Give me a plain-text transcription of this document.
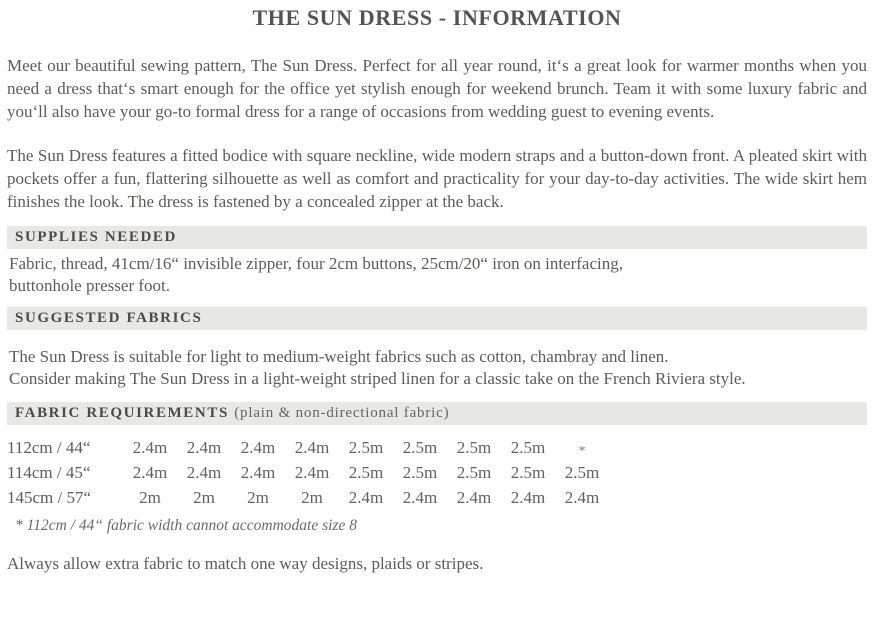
THE SUN DRESS - INFORMATION

Meet our beautiful sewing pattern, The Sun Dress. Perfect for all year round, it‘s a great look for warmer months when you need a dress that‘s smart enough for the office yet stylish enough for weekend brunch. Team it with some luxury fabric and you‘ll also have your go-to formal dress for a range of occasions from wedding guest to evening events.

The Sun Dress features a fitted bodice with square neckline, wide modern straps and a button-down front. A pleated skirt with pockets offer a fun, flattering silhouette as well as comfort and practicality for your day-to-day activities. The wide skirt hem finishes the look. The dress is fastened by a concealed zipper at the back.

SUPPLIES NEEDED
Fabric, thread, 41cm/16“ invisible zipper, four 2cm buttons, 25cm/20“ iron on interfacing,
buttonhole presser foot.
SUGGESTED FABRICS
The Sun Dress is suitable for light to medium-weight fabrics such as cotton, chambray and linen.
Consider making The Sun Dress in a light-weight striped linen for a classic take on the French Riviera style.
FABRIC REQUIREMENTS (plain & non-directional fabric)
112cm / 44“	2.4m	2.4m	2.4m	2.4m	2.5m	2.5m	2.5m	2.5m	*
114cm / 45“	2.4m	2.4m	2.4m	2.4m	2.5m	2.5m	2.5m	2.5m	2.5m
145cm / 57“	2m	2m	2m	2m	2.4m	2.4m	2.4m	2.4m	2.4m
* 112cm / 44“ fabric width cannot accommodate size 8

Always allow extra fabric to match one way designs, plaids or stripes.
